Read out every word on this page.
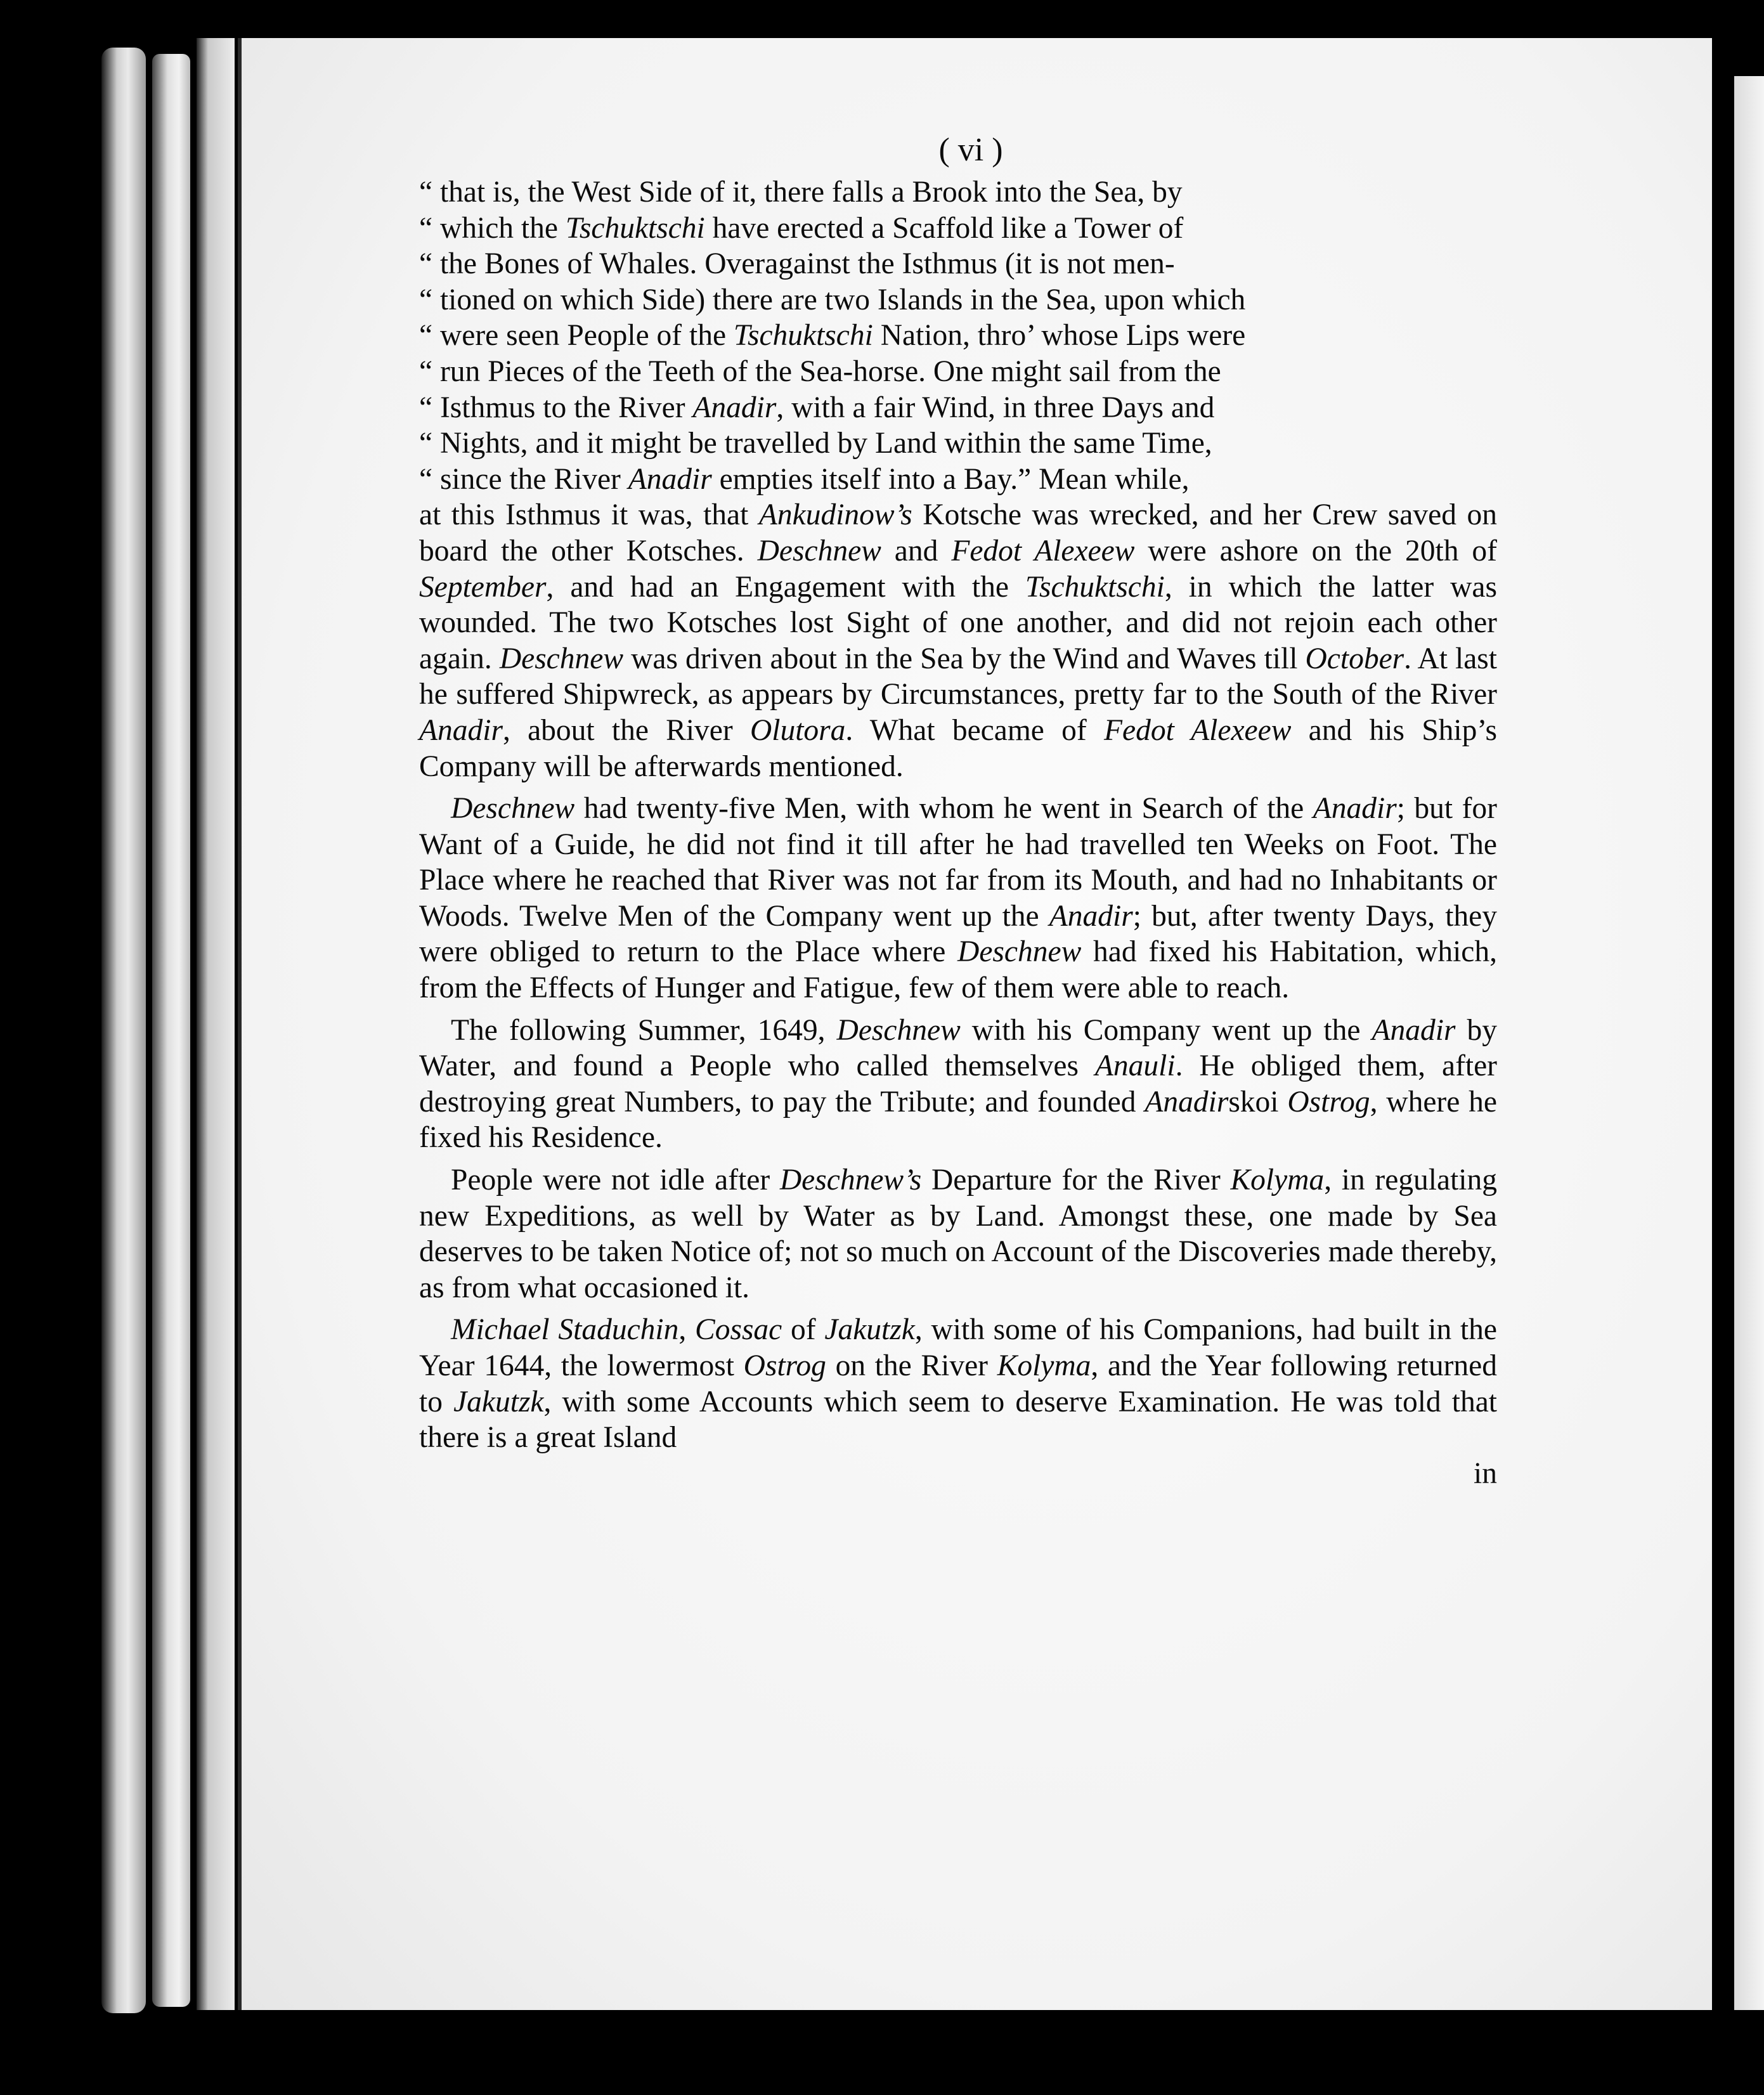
( vi )

“ that is, the West Side of it, there falls a Brook into the Sea, by

“ which the Tschuktschi have erected a Scaffold like a Tower of

“ the Bones of Whales. Overagainst the Isthmus (it is not men-

“ tioned on which Side) there are two Islands in the Sea, upon which

“ were seen People of the Tschuktschi Nation, thro’ whose Lips were

“ run Pieces of the Teeth of the Sea-horse. One might sail from the

“ Isthmus to the River Anadir, with a fair Wind, in three Days and

“ Nights, and it might be travelled by Land within the same Time,

“ since the River Anadir empties itself into a Bay.” Mean while,

at this Isthmus it was, that Ankudinow’s Kotsche was wrecked, and her Crew saved on board the other Kotsches. Deschnew and Fedot Alexeew were ashore on the 20th of September, and had an Engagement with the Tschuktschi, in which the latter was wounded. The two Kotsches lost Sight of one another, and did not rejoin each other again. Deschnew was driven about in the Sea by the Wind and Waves till October. At last he suffered Shipwreck, as appears by Circumstances, pretty far to the South of the River Anadir, about the River Olutora. What became of Fedot Alexeew and his Ship’s Company will be afterwards mentioned.

Deschnew had twenty-five Men, with whom he went in Search of the Anadir; but for Want of a Guide, he did not find it till after he had travelled ten Weeks on Foot. The Place where he reached that River was not far from its Mouth, and had no Inhabitants or Woods. Twelve Men of the Company went up the Anadir; but, after twenty Days, they were obliged to return to the Place where Deschnew had fixed his Habitation, which, from the Effects of Hunger and Fatigue, few of them were able to reach.

The following Summer, 1649, Deschnew with his Company went up the Anadir by Water, and found a People who called themselves Anauli. He obliged them, after destroying great Numbers, to pay the Tribute; and founded Anadirskoi Ostrog, where he fixed his Residence.

People were not idle after Deschnew’s Departure for the River Kolyma, in regulating new Expeditions, as well by Water as by Land. Amongst these, one made by Sea deserves to be taken Notice of; not so much on Account of the Discoveries made thereby, as from what occasioned it.

Michael Staduchin, Cossac of Jakutzk, with some of his Companions, had built in the Year 1644, the lowermost Ostrog on the River Kolyma, and the Year following returned to Jakutzk, with some Accounts which seem to deserve Examination. He was told that there is a great Island

in
